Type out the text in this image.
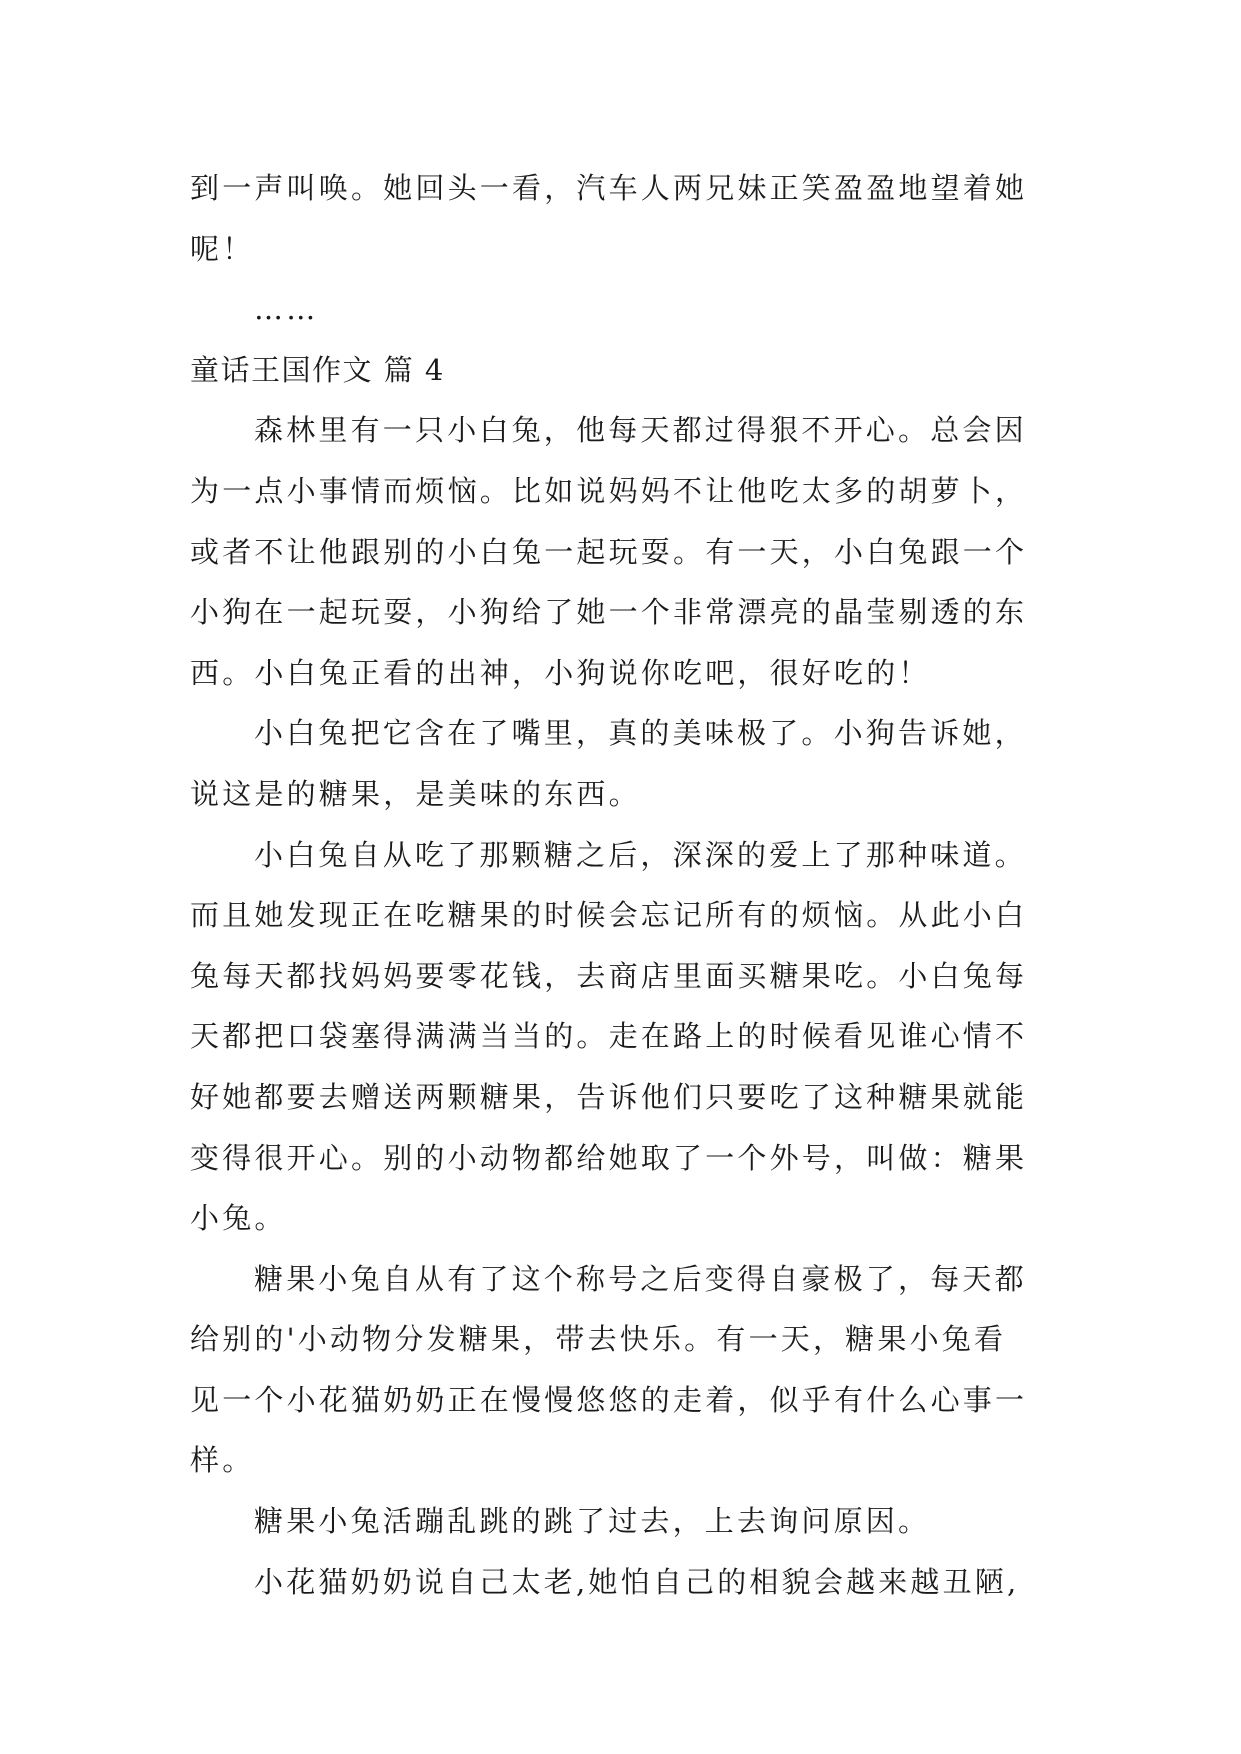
到一声叫唤。她回头一看，汽车人两兄妹正笑盈盈地望着她
呢！
……
童话王国作文 篇 4
森林里有一只小白兔，他每天都过得狠不开心。总会因
为一点小事情而烦恼。比如说妈妈不让他吃太多的胡萝卜，
或者不让他跟别的小白兔一起玩耍。有一天，小白兔跟一个
小狗在一起玩耍，小狗给了她一个非常漂亮的晶莹剔透的东
西。小白兔正看的出神，小狗说你吃吧，很好吃的！
小白兔把它含在了嘴里，真的美味极了。小狗告诉她，
说这是的糖果，是美味的东西。
小白兔自从吃了那颗糖之后，深深的爱上了那种味道。
而且她发现正在吃糖果的时候会忘记所有的烦恼。从此小白
兔每天都找妈妈要零花钱，去商店里面买糖果吃。小白兔每
天都把口袋塞得满满当当的。走在路上的时候看见谁心情不
好她都要去赠送两颗糖果，告诉他们只要吃了这种糖果就能
变得很开心。别的小动物都给她取了一个外号，叫做：糖果
小兔。
糖果小兔自从有了这个称号之后变得自豪极了，每天都
给别的'小动物分发糖果，带去快乐。有一天，糖果小兔看
见一个小花猫奶奶正在慢慢悠悠的走着，似乎有什么心事一
样。
糖果小兔活蹦乱跳的跳了过去，上去询问原因。
小花猫奶奶说自己太老,她怕自己的相貌会越来越丑陋,
